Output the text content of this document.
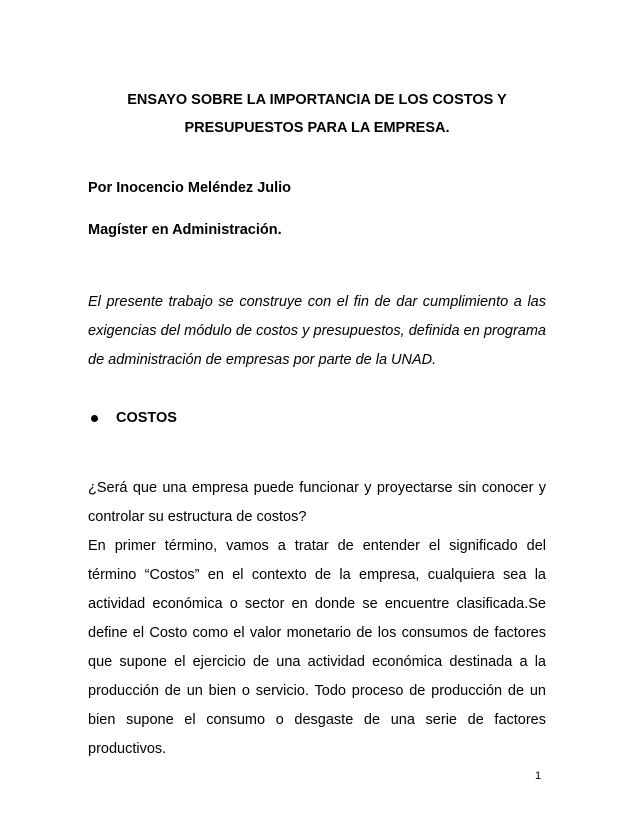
ENSAYO SOBRE LA IMPORTANCIA DE LOS COSTOS Y
PRESUPUESTOS PARA LA EMPRESA.
Por Inocencio Meléndez Julio
Magíster en Administración.
El presente trabajo se construye con el fin de dar cumplimiento a las
exigencias del módulo de costos y presupuestos, definida en programa
de administración de empresas por parte de la UNAD.
COSTOS
¿Será que una empresa puede funcionar y proyectarse sin conocer y
controlar su estructura de costos?
En primer término, vamos a tratar de entender el significado del
término “Costos” en el contexto de la empresa, cualquiera sea la
actividad económica o sector en donde se encuentre clasificada.Se
define el Costo como el valor monetario de los consumos de factores
que supone el ejercicio de una actividad económica destinada a la
producción de un bien o servicio. Todo proceso de producción de un
bien supone el consumo o desgaste de una serie de factores
productivos.
1
